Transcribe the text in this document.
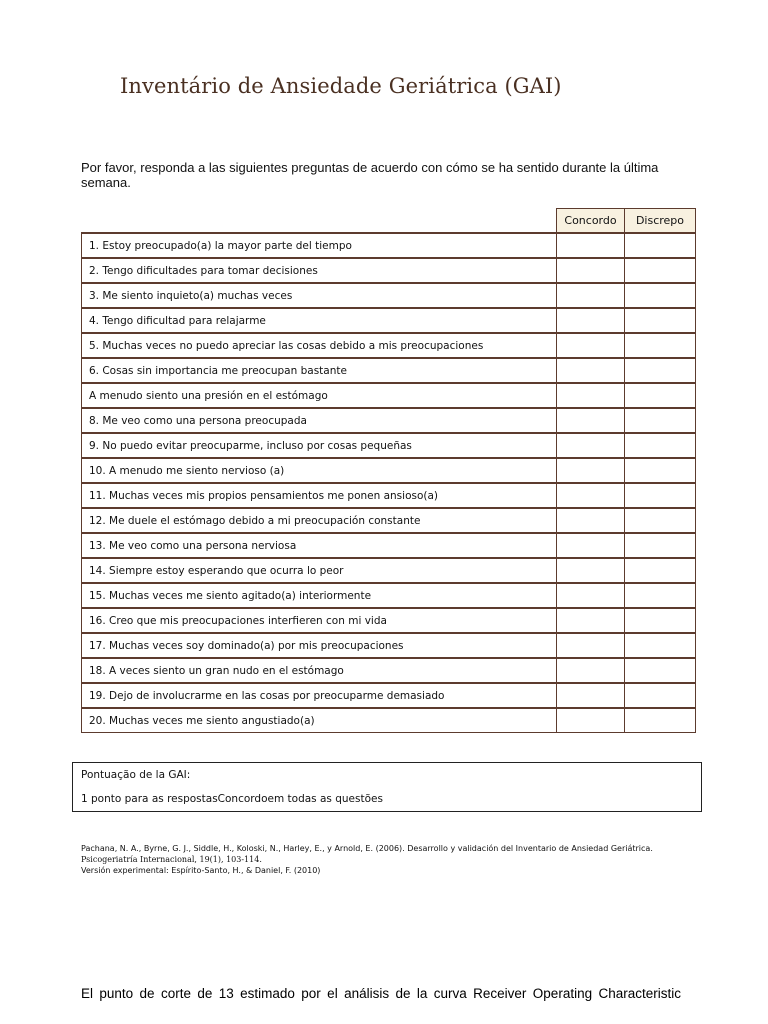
Inventário de Ansiedade Geriátrica (GAI)
Por favor, responda a las siguientes preguntas de acuerdo con cómo se ha sentido durante la última semana.
	Concordo	Discrepo
1. Estoy preocupado(a) la mayor parte del tiempo		
2. Tengo dificultades para tomar decisiones		
3. Me siento inquieto(a) muchas veces		
4. Tengo dificultad para relajarme		
5. Muchas veces no puedo apreciar las cosas debido a mis preocupaciones		
6. Cosas sin importancia me preocupan bastante		
A menudo siento una presión en el estómago		
8. Me veo como una persona preocupada		
9. No puedo evitar preocuparme, incluso por cosas pequeñas		
10. A menudo me siento nervioso (a)		
11. Muchas veces mis propios pensamientos me ponen ansioso(a)		
12. Me duele el estómago debido a mi preocupación constante		
13. Me veo como una persona nerviosa		
14. Siempre estoy esperando que ocurra lo peor		
15. Muchas veces me siento agitado(a) interiormente		
16. Creo que mis preocupaciones interfieren con mi vida		
17. Muchas veces soy dominado(a) por mis preocupaciones		
18. A veces siento un gran nudo en el estómago		
19. Dejo de involucrarme en las cosas por preocuparme demasiado		
20. Muchas veces me siento angustiado(a)		
Pontuação de la GAI:
1 ponto para as respostasConcordoem todas as questões
Pachana, N. A., Byrne, G. J., Siddle, H., Koloski, N., Harley, E., y Arnold, E. (2006). Desarrollo y validación del Inventario de Ansiedad Geriátrica.
Psicogeriatría Internacional, 19(1), 103-114.
Versión experimental: Espírito-Santo, H., & Daniel, F. (2010)
El punto de corte de 13 estimado por el análisis de la curva Receiver Operating Characteristic
